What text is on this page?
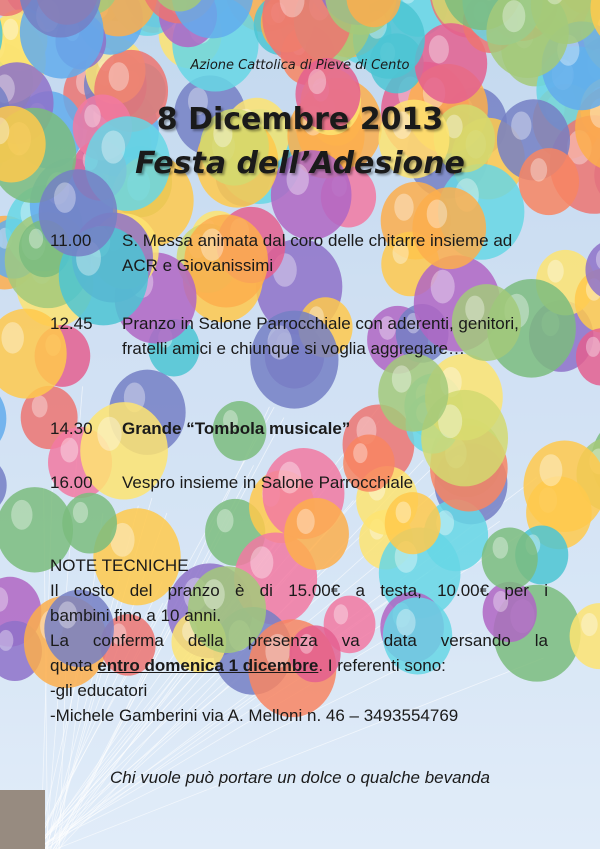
Azione Cattolica di Pieve di Cento
8 Dicembre 2013
Festa dell’Adesione
11.00 S. Messa animata dal coro delle chitarre insieme ad ACR e Giovanissimi
12.45 Pranzo in Salone Parrocchiale con aderenti, genitori, fratelli amici e chiunque si voglia aggregare…
14.30 Grande “Tombola musicale”
16.00 Vespro insieme in Salone Parrocchiale
NOTE TECNICHE
Il costo del pranzo è di 15.00€ a testa, 10.00€ per i
bambini fino a 10 anni.
La conferma della presenza va data versando la
quota entro domenica 1 dicembre. I referenti sono:
-gli educatori
-Michele Gamberini via A. Melloni n. 46 – 3493554769
Chi vuole può portare un dolce o qualche bevanda
